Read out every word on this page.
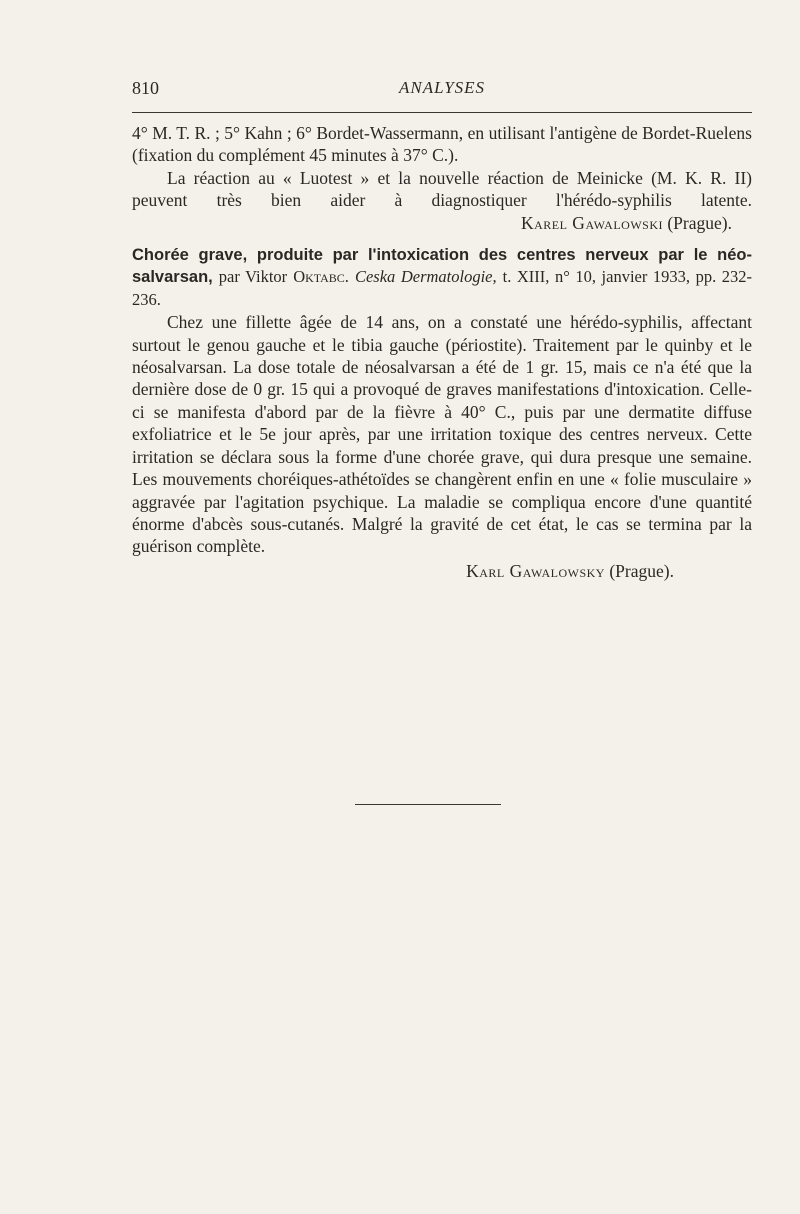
810	ANALYSES

4° M. T. R. ; 5° Kahn ; 6° Bordet-Wassermann, en utilisant l'antigène de Bordet-Ruelens (fixation du complément 45 minutes à 37° C.).

La réaction au « Luotest » et la nouvelle réaction de Meinicke (M. K. R. II) peuvent très bien aider à diagnostiquer l'hérédo-syphilis latente.Karel Gawalowski (Prague).

Chorée grave, produite par l'intoxication des centres nerveux par le néo-salvarsan, par Viktor Oktabc. Ceska Dermatologie, t. XIII, n° 10, janvier 1933, pp. 232-236.

Chez une fillette âgée de 14 ans, on a constaté une hérédo-syphilis, affectant surtout le genou gauche et le tibia gauche (périostite). Traitement par le quinby et le néosalvarsan. La dose totale de néosalvarsan a été de 1 gr. 15, mais ce n'a été que la dernière dose de 0 gr. 15 qui a provoqué de graves manifestations d'intoxication. Celle-ci se manifesta d'abord par de la fièvre à 40° C., puis par une dermatite diffuse exfoliatrice et le 5e jour après, par une irritation toxique des centres nerveux. Cette irritation se déclara sous la forme d'une chorée grave, qui dura presque une semaine. Les mouvements choréiques-athétoïdes se changèrent enfin en une « folie musculaire » aggravée par l'agitation psychique. La maladie se compliqua encore d'une quantité énorme d'abcès sous-cutanés. Malgré la gravité de cet état, le cas se termina par la guérison complète.

Karl Gawalowsky (Prague).
